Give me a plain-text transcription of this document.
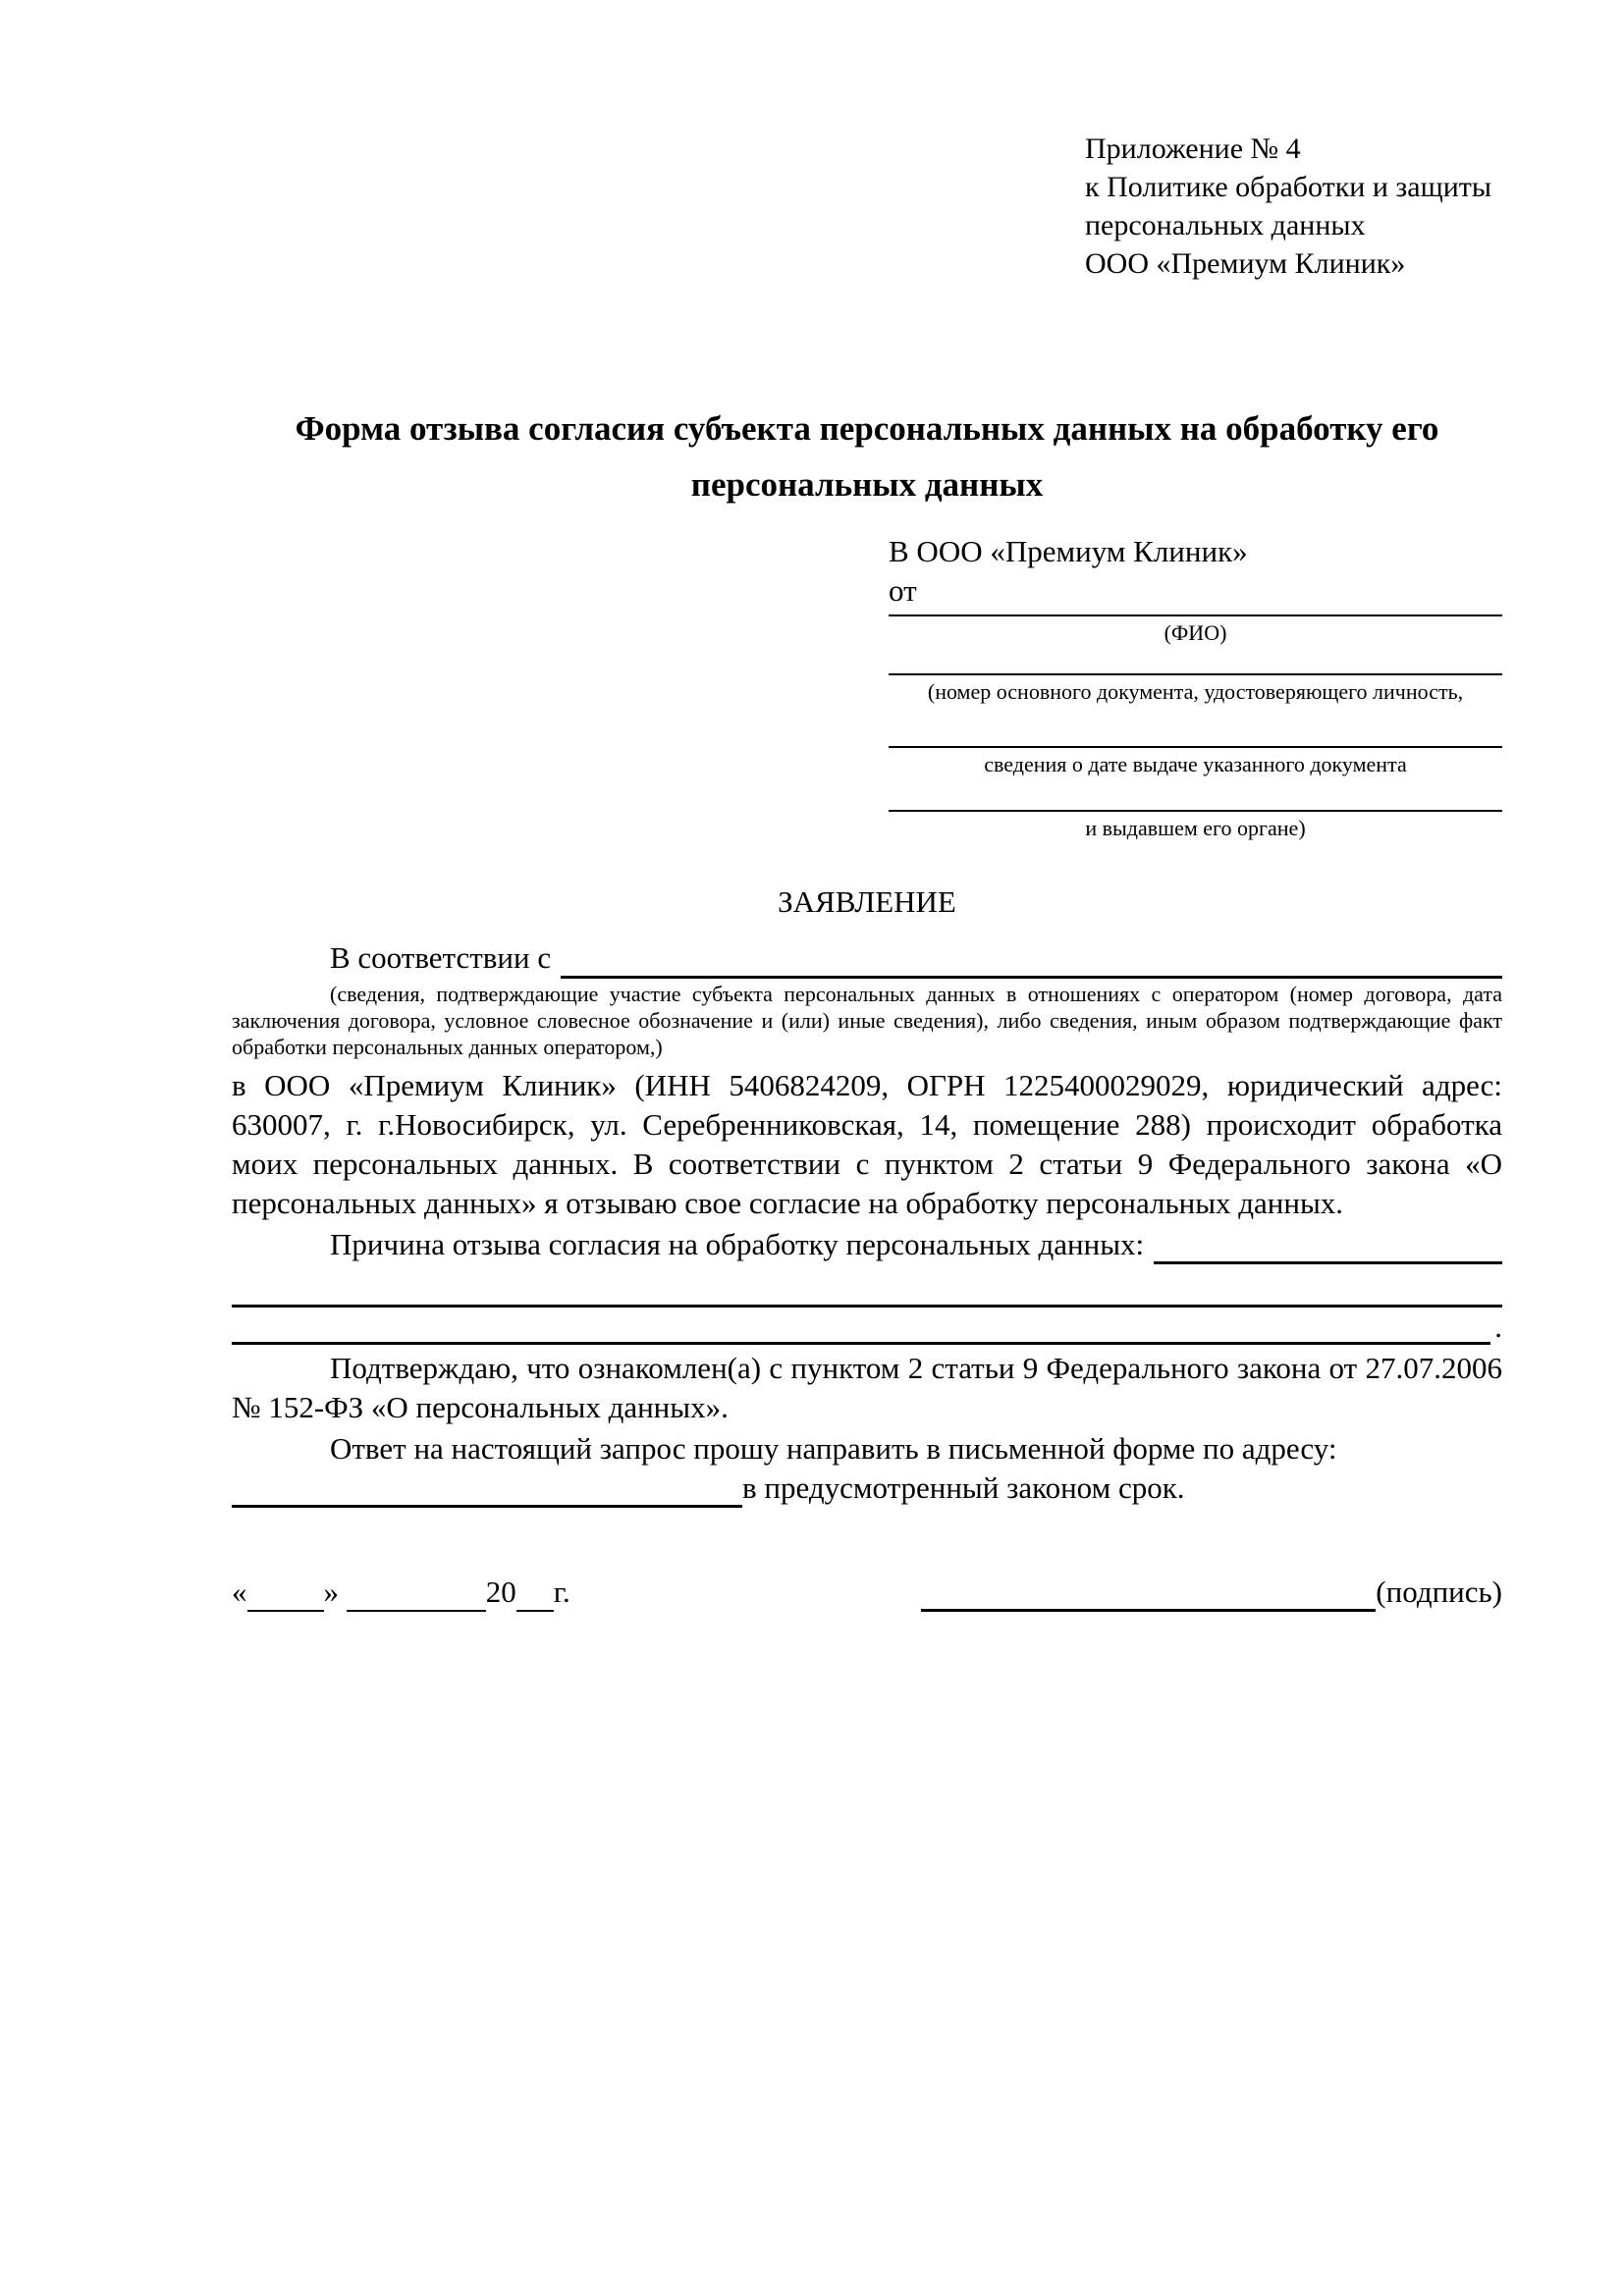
Приложение № 4
к Политике обработки и защиты
персональных данных
ООО «Премиум Клиник»
Форма отзыва согласия субъекта персональных данных на обработку его персональных данных
В ООО «Премиум Клиник»
от
(ФИО)
(номер основного документа, удостоверяющего личность,
сведения о дате выдаче указанного документа
и выдавшем его органе)
ЗАЯВЛЕНИЕ
В соответствии с
(сведения, подтверждающие участие субъекта персональных данных в отношениях с оператором (номер договора, дата заключения договора, условное словесное обозначение и (или) иные сведения), либо сведения, иным образом подтверждающие факт обработки персональных данных оператором,)
в ООО «Премиум Клиник» (ИНН 5406824209, ОГРН 1225400029029, юридический адрес: 630007, г. г.Новосибирск, ул. Серебренниковская, 14, помещение 288) происходит обработка моих персональных данных. В соответствии с пунктом 2 статьи 9 Федерального закона «О персональных данных» я отзываю свое согласие на обработку персональных данных.
Причина отзыва согласия на обработку персональных данных:
.
Подтверждаю, что ознакомлен(а) с пунктом 2 статьи 9 Федерального закона от 27.07.2006 № 152-ФЗ «О персональных данных».
Ответ на настоящий запрос прошу направить в письменной форме по адресу:
в предусмотренный законом срок.
«	»	20 г.	(подпись)
